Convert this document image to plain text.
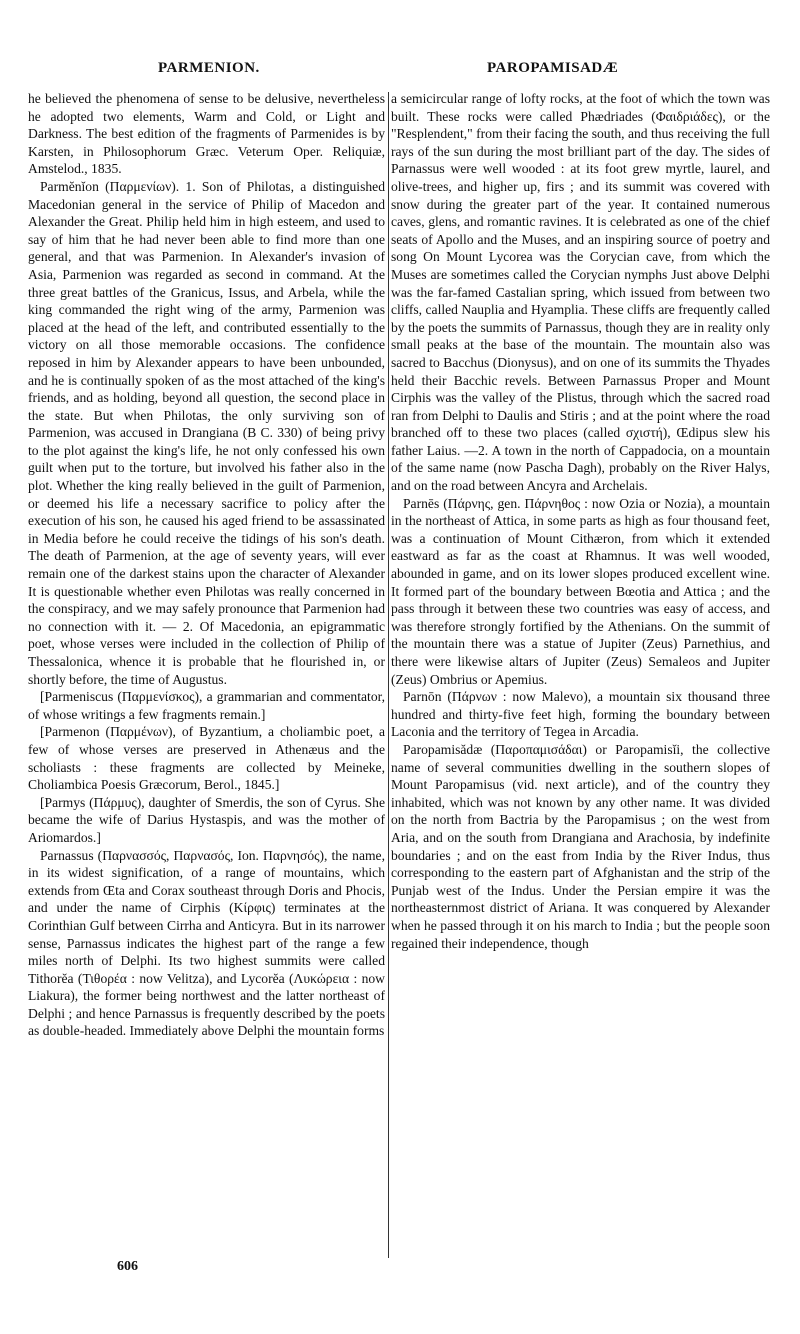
PARMENION.	PAROPAMISADÆ

he believed the phenomena of sense to be delusive, nevertheless he adopted two elements, Warm and Cold, or Light and Darkness. The best edition of the fragments of Parmenides is by Karsten, in Philosophorum Græc. Veterum Oper. Reliquiæ, Amstelod., 1835.

Parmĕnĭon (Παρμενίων). 1. Son of Philotas, a distinguished Macedonian general in the service of Philip of Macedon and Alexander the Great. Philip held him in high esteem, and used to say of him that he had never been able to find more than one general, and that was Parmenion. In Alexander's invasion of Asia, Parmenion was regarded as second in command. At the three great battles of the Granicus, Issus, and Arbela, while the king commanded the right wing of the army, Parmenion was placed at the head of the left, and contributed essentially to the victory on all those memorable occasions. The confidence reposed in him by Alexander appears to have been unbounded, and he is continually spoken of as the most attached of the king's friends, and as holding, beyond all question, the second place in the state. But when Philotas, the only surviving son of Parmenion, was accused in Drangiana (B C. 330) of being privy to the plot against the king's life, he not only confessed his own guilt when put to the torture, but involved his father also in the plot. Whether the king really believed in the guilt of Parmenion, or deemed his life a necessary sacrifice to policy after the execution of his son, he caused his aged friend to be assassinated in Media before he could receive the tidings of his son's death. The death of Parmenion, at the age of seventy years, will ever remain one of the darkest stains upon the character of Alexander It is questionable whether even Philotas was really concerned in the conspiracy, and we may safely pronounce that Parmenion had no connection with it. — 2. Of Macedonia, an epigrammatic poet, whose verses were included in the collection of Philip of Thessalonica, whence it is probable that he flourished in, or shortly before, the time of Augustus.

[Parmeniscus (Παρμενίσκος), a grammarian and commentator, of whose writings a few fragments remain.]

[Parmenon (Παρμένων), of Byzantium, a choliambic poet, a few of whose verses are preserved in Athenæus and the scholiasts : these fragments are collected by Meineke, Choliambica Poesis Græcorum, Berol., 1845.]

[Parmys (Πάρμυς), daughter of Smerdis, the son of Cyrus. She became the wife of Darius Hystaspis, and was the mother of Ariomardos.]

Parnassus (Παρνασσός, Παρνασός, Ion. Παρνησός), the name, in its widest signification, of a range of mountains, which extends from Œta and Corax southeast through Doris and Phocis, and under the name of Cirphis (Κίρφις) terminates at the Corinthian Gulf between Cirrha and Anticyra. But in its narrower sense, Parnassus indicates the highest part of the range a few miles north of Delphi. Its two highest summits were called Tithorĕa (Τιθορέα : now Velitza), and Lycorĕa (Λυκώρεια : now Liakura), the former being northwest and the latter northeast of Delphi ; and hence Parnassus is frequently described by the poets as double-headed. Immediately above Delphi the mountain forms

a semicircular range of lofty rocks, at the foot of which the town was built. These rocks were called Phædriades (Φαιδριάδες), or the "Resplendent," from their facing the south, and thus receiving the full rays of the sun during the most brilliant part of the day. The sides of Parnassus were well wooded : at its foot grew myrtle, laurel, and olive-trees, and higher up, firs ; and its summit was covered with snow during the greater part of the year. It contained numerous caves, glens, and romantic ravines. It is celebrated as one of the chief seats of Apollo and the Muses, and an inspiring source of poetry and song On Mount Lycorea was the Corycian cave, from which the Muses are sometimes called the Corycian nymphs Just above Delphi was the far-famed Castalian spring, which issued from between two cliffs, called Nauplia and Hyamplia. These cliffs are frequently called by the poets the summits of Parnassus, though they are in reality only small peaks at the base of the mountain. The mountain also was sacred to Bacchus (Dionysus), and on one of its summits the Thyades held their Bacchic revels. Between Parnassus Proper and Mount Cirphis was the valley of the Plistus, through which the sacred road ran from Delphi to Daulis and Stiris ; and at the point where the road branched off to these two places (called σχιστή), Œdipus slew his father Laius. —2. A town in the north of Cappadocia, on a mountain of the same name (now Pascha Dagh), probably on the River Halys, and on the road between Ancyra and Archelais.

Parnēs (Πάρνης, gen. Πάρνηθος : now Ozia or Nozia), a mountain in the northeast of Attica, in some parts as high as four thousand feet, was a continuation of Mount Cithæron, from which it extended eastward as far as the coast at Rhamnus. It was well wooded, abounded in game, and on its lower slopes produced excellent wine. It formed part of the boundary between Bœotia and Attica ; and the pass through it between these two countries was easy of access, and was therefore strongly fortified by the Athenians. On the summit of the mountain there was a statue of Jupiter (Zeus) Parnethius, and there were likewise altars of Jupiter (Zeus) Semaleos and Jupiter (Zeus) Ombrius or Apemius.

Parnōn (Πάρνων : now Malevo), a mountain six thousand three hundred and thirty-five feet high, forming the boundary between Laconia and the territory of Tegea in Arcadia.

Paropamisădæ (Παροπαμισάδαι) or Paropamisĭi, the collective name of several communities dwelling in the southern slopes of Mount Paropamisus (vid. next article), and of the country they inhabited, which was not known by any other name. It was divided on the north from Bactria by the Paropamisus ; on the west from Aria, and on the south from Drangiana and Arachosia, by indefinite boundaries ; and on the east from India by the River Indus, thus corresponding to the eastern part of Afghanistan and the strip of the Punjab west of the Indus. Under the Persian empire it was the northeasternmost district of Ariana. It was conquered by Alexander when he passed through it on his march to India ; but the people soon regained their independence, though

606
